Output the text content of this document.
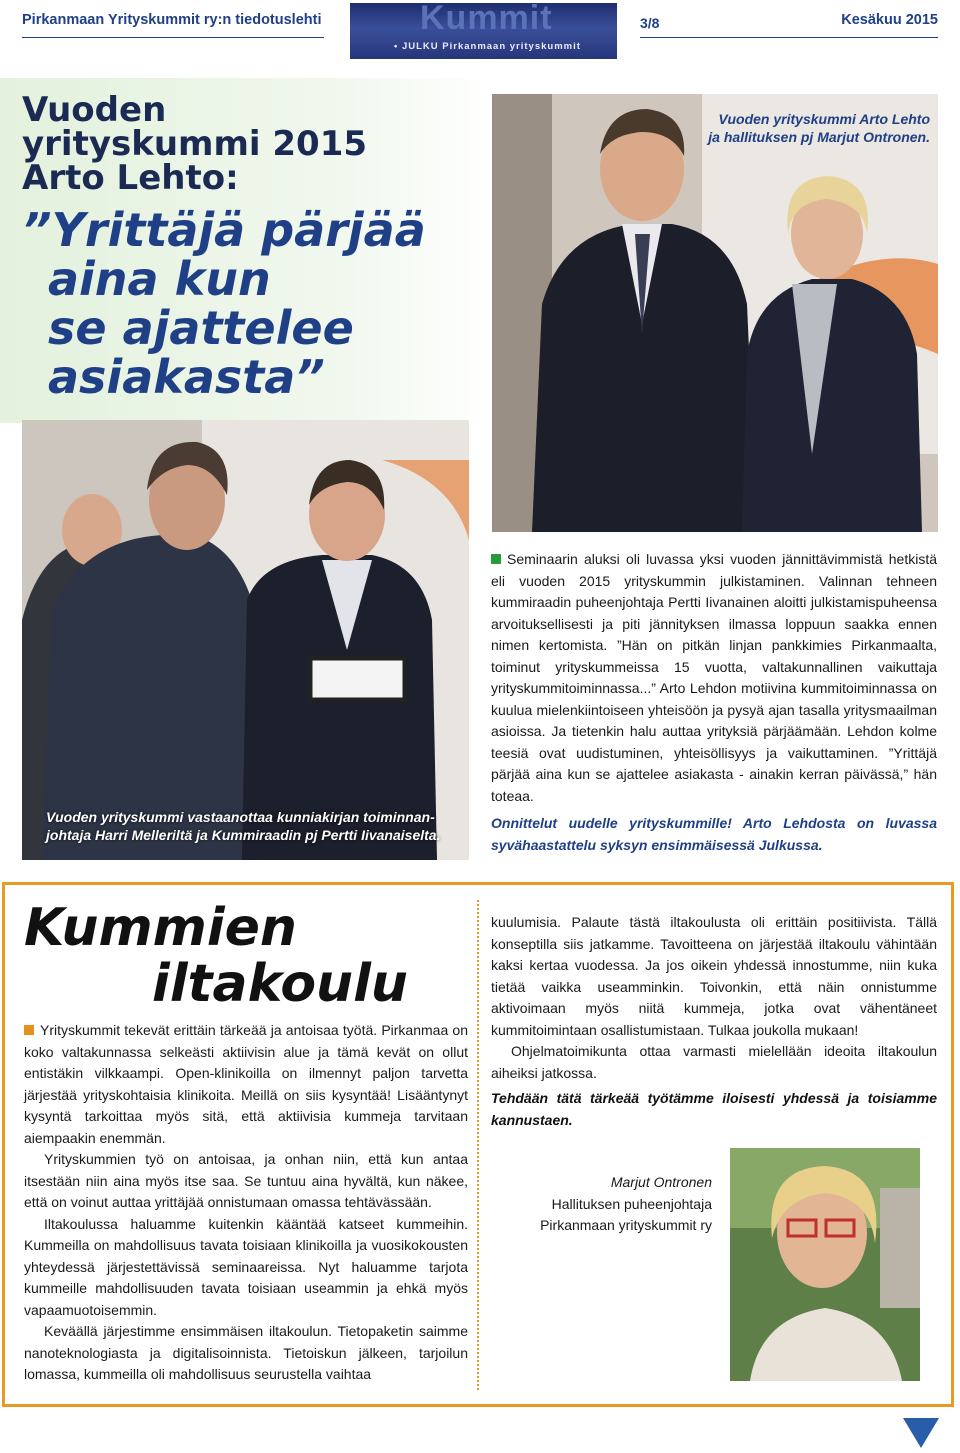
Pirkanmaan Yrityskummit ry:n tiedotuslehti	Kummit
• JULKU Pirkanmaan yrityskummit
Kesäkuu 2015
3/8
Vuoden
yrityskummi 2015
Arto Lehto:
”Yrittäjä pärjää
aina kun
se ajattelee
asiakasta”
Vuoden yrityskummi Arto Lehto
ja hallituksen pj Marjut Ontronen.
Vuoden yrityskummi vastaanottaa kunniakirjan toiminnan-
johtaja Harri Melleriltä ja Kummiraadin pj Pertti Iivanaiselta.

Seminaarin aluksi oli luvassa yksi vuoden jännittävimmistä hetkistä eli vuoden 2015 yrityskummin julkistaminen. Valinnan tehneen kummiraadin puheenjohtaja Pertti Iivanainen aloitti julkistamispuheensa arvoituksellisesti ja piti jännityksen ilmassa loppuun saakka ennen nimen kertomista. ”Hän on pitkän linjan pankkimies Pirkanmaalta, toiminut yrityskummeissa 15 vuotta, valtakunnallinen vaikuttaja yrityskummitoiminnassa...” Arto Lehdon motiivina kummitoiminnassa on kuulua mielenkiintoiseen yhteisöön ja pysyä ajan tasalla yritysmaailman asioissa. Ja tietenkin halu auttaa yrityksiä pärjäämään. Lehdon kolme teesiä ovat uudistuminen, yhteisöllisyys ja vaikuttaminen. ”Yrittäjä pärjää aina kun se ajattelee asiakasta - ainakin kerran päivässä,” hän toteaa.

Onnittelut uudelle yrityskummille! Arto Lehdosta on luvassa syvähaastattelu syksyn ensimmäisessä Julkussa.

Kummien
iltakoulu

Yrityskummit tekevät erittäin tärkeää ja antoisaa työtä. Pirkanmaa on koko valtakunnassa selkeästi aktiivisin alue ja tämä kevät on ollut entistäkin vilkkaampi. Open-klinikoilla on ilmennyt paljon tarvetta järjestää yrityskohtaisia klinikoita. Meillä on siis kysyntää! Lisääntynyt kysyntä tarkoittaa myös sitä, että aktiivisia kummeja tarvitaan aiempaakin enemmän.

Yrityskummien työ on antoisaa, ja onhan niin, että kun antaa itsestään niin aina myös itse saa. Se tuntuu aina hyvältä, kun näkee, että on voinut auttaa yrittäjää onnistumaan omassa tehtävässään.

Iltakoulussa haluamme kuitenkin kääntää katseet kummeihin. Kummeilla on mahdollisuus tavata toisiaan klinikoilla ja vuosikokousten yhteydessä järjestettävissä seminaareissa. Nyt haluamme tarjota kummeille mahdollisuuden tavata toisiaan useammin ja ehkä myös vapaamuotoisemmin.

Keväällä järjestimme ensimmäisen iltakoulun. Tietopaketin saimme nanoteknologiasta ja digitalisoinnista. Tietoiskun jälkeen, tarjoilun lomassa, kummeilla oli mahdollisuus seurustella vaihtaa

kuulumisia. Palaute tästä iltakoulusta oli erittäin positiivista. Tällä konseptilla siis jatkamme. Tavoitteena on järjestää iltakoulu vähintään kaksi kertaa vuodessa. Ja jos oikein yhdessä innostumme, niin kuka tietää vaikka useamminkin. Toivonkin, että näin onnistumme aktivoimaan myös niitä kummeja, jotka ovat vähentäneet kummitoimintaan osallistumistaan. Tulkaa joukolla mukaan!

Ohjelmatoimikunta ottaa varmasti mielellään ideoita iltakoulun aiheiksi jatkossa.

Tehdään tätä tärkeää työtämme iloisesti yhdessä ja toisiamme kannustaen.

Marjut Ontronen
Hallituksen puheenjohtaja
Pirkanmaan yrityskummit ry
